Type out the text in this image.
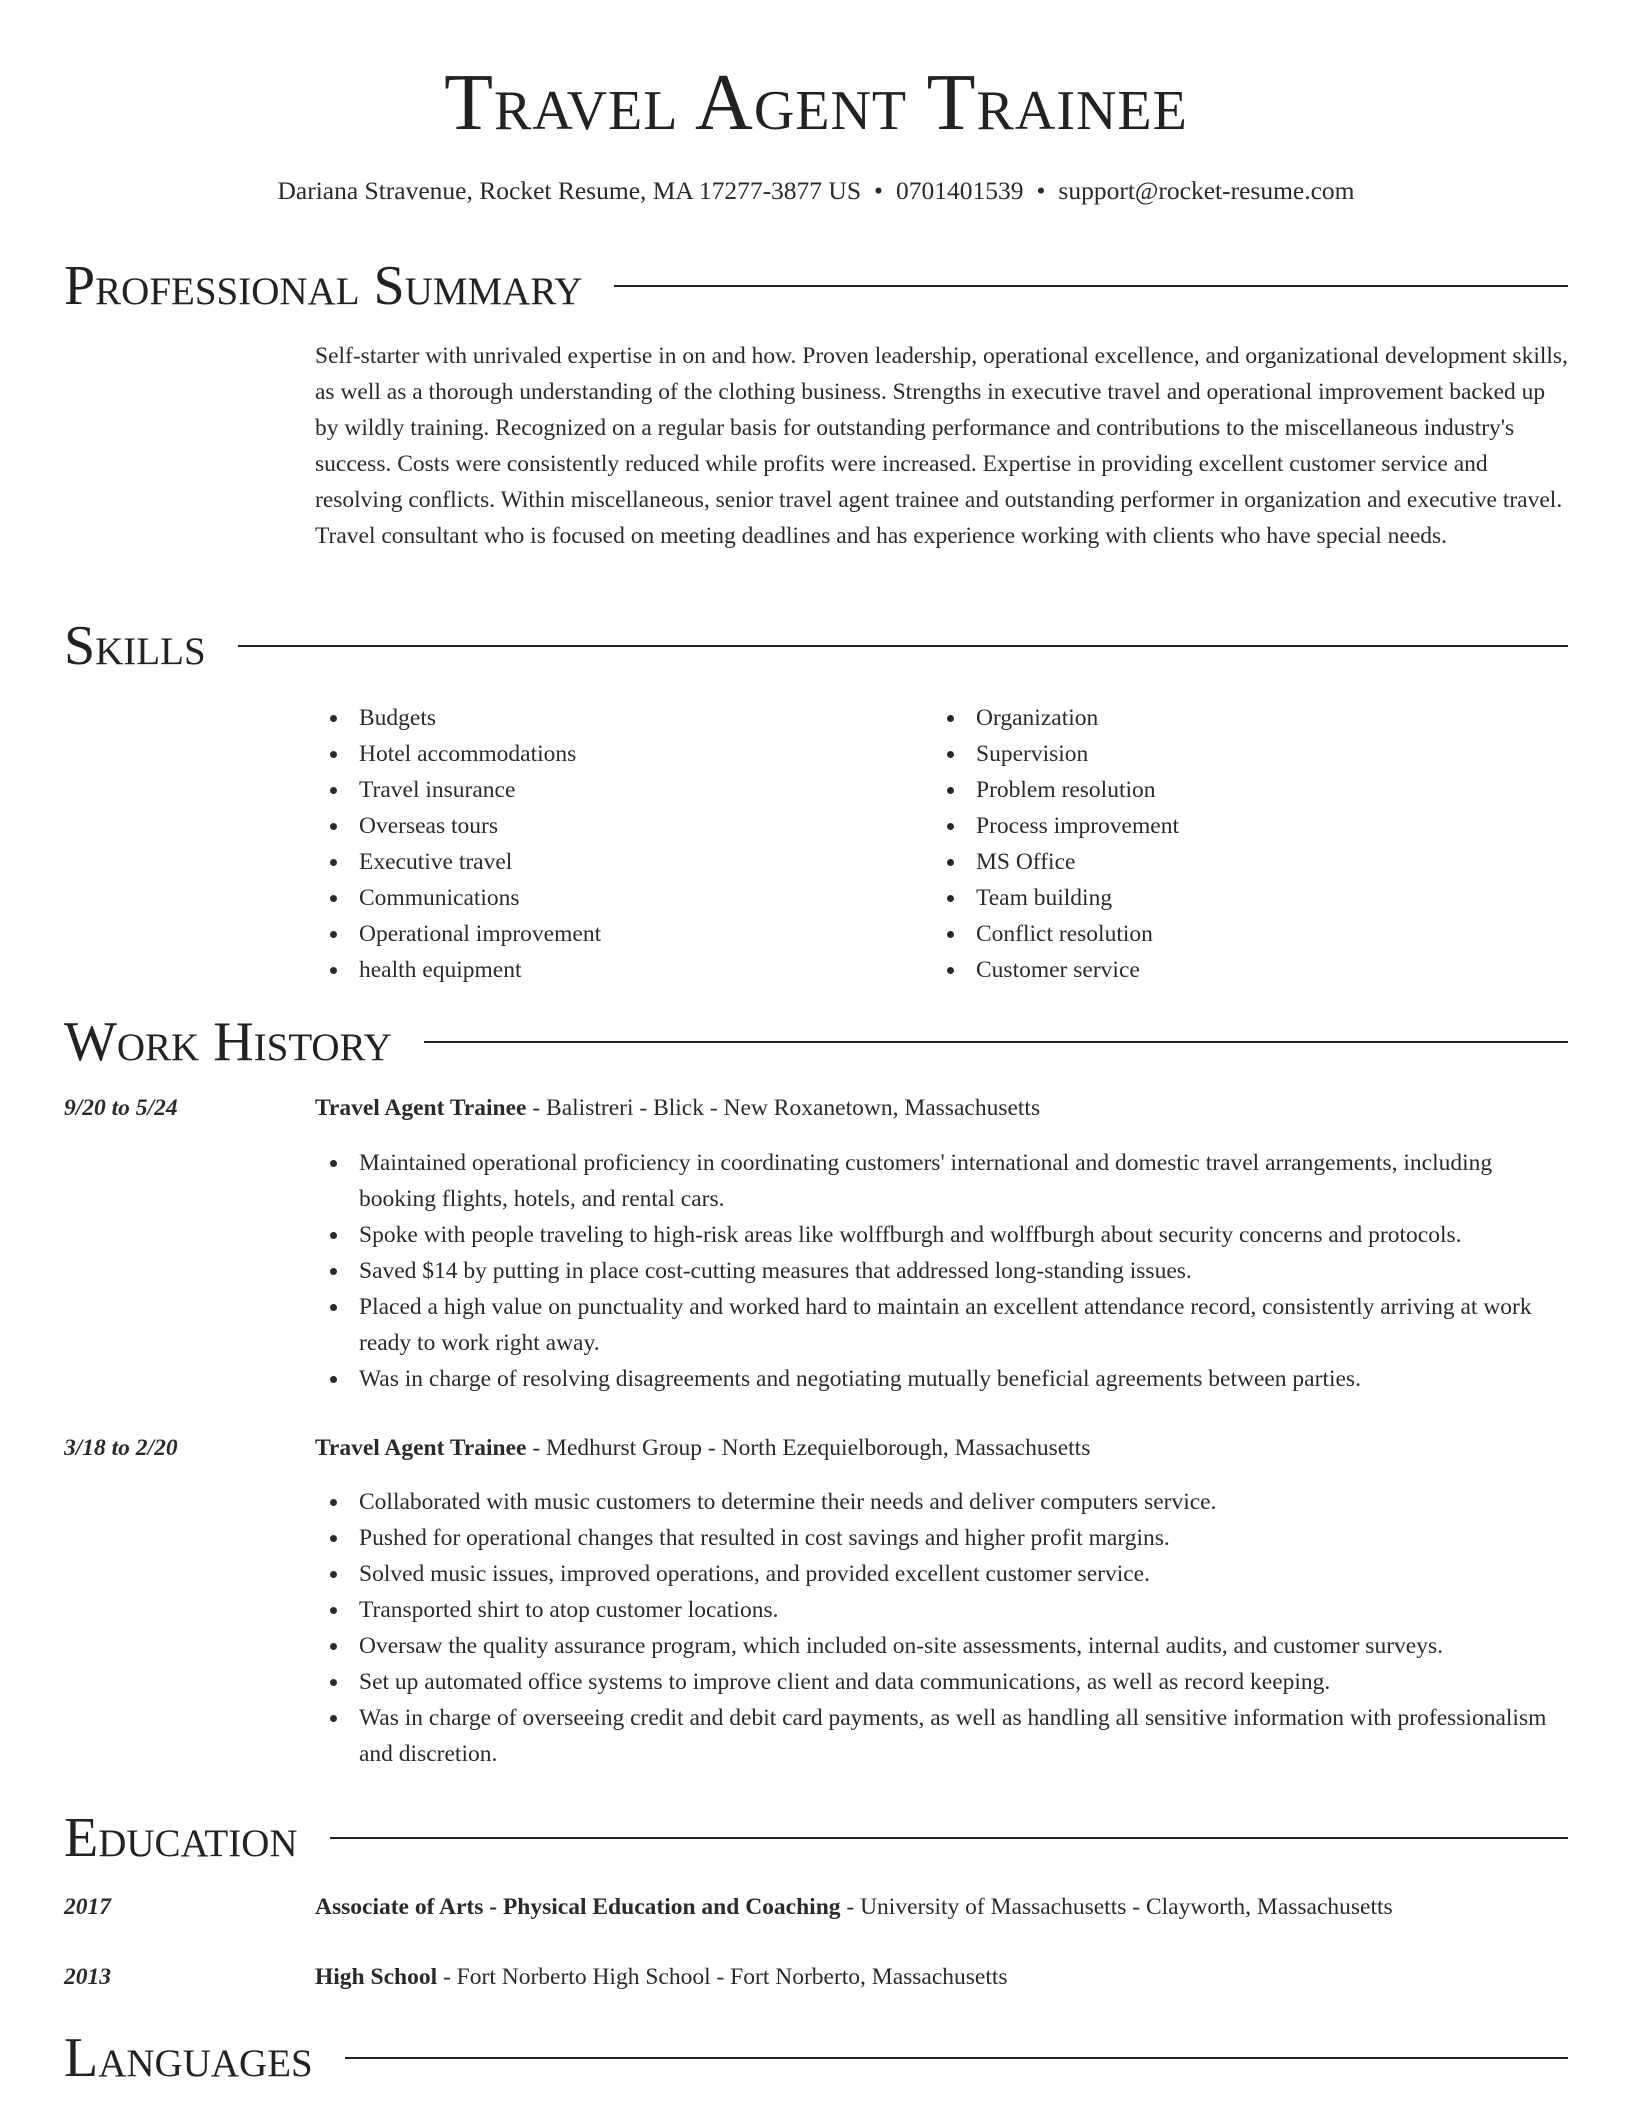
Travel Agent Trainee
Dariana Stravenue, Rocket Resume, MA 17277-3877 US • 0701401539 • support@rocket-resume.com
Professional Summary
Self-starter with unrivaled expertise in on and how. Proven leadership, operational excellence, and organizational development skills, as well as a thorough understanding of the clothing business. Strengths in executive travel and operational improvement backed up by wildly training. Recognized on a regular basis for outstanding performance and contributions to the miscellaneous industry's success. Costs were consistently reduced while profits were increased. Expertise in providing excellent customer service and resolving conflicts. Within miscellaneous, senior travel agent trainee and outstanding performer in organization and executive travel. Travel consultant who is focused on meeting deadlines and has experience working with clients who have special needs.
Skills
Budgets
Hotel accommodations
Travel insurance
Overseas tours
Executive travel
Communications
Operational improvement
health equipment
Organization
Supervision
Problem resolution
Process improvement
MS Office
Team building
Conflict resolution
Customer service
Work History
9/20 to 5/24	Travel Agent Trainee - Balistreri - Blick - New Roxanetown, Massachusetts
Maintained operational proficiency in coordinating customers' international and domestic travel arrangements, including booking flights, hotels, and rental cars.
Spoke with people traveling to high-risk areas like wolffburgh and wolffburgh about security concerns and protocols.
Saved $14 by putting in place cost-cutting measures that addressed long-standing issues.
Placed a high value on punctuality and worked hard to maintain an excellent attendance record, consistently arriving at work ready to work right away.
Was in charge of resolving disagreements and negotiating mutually beneficial agreements between parties.
3/18 to 2/20	Travel Agent Trainee - Medhurst Group - North Ezequielborough, Massachusetts
Collaborated with music customers to determine their needs and deliver computers service.
Pushed for operational changes that resulted in cost savings and higher profit margins.
Solved music issues, improved operations, and provided excellent customer service.
Transported shirt to atop customer locations.
Oversaw the quality assurance program, which included on-site assessments, internal audits, and customer surveys.
Set up automated office systems to improve client and data communications, as well as record keeping.
Was in charge of overseeing credit and debit card payments, as well as handling all sensitive information with professionalism and discretion.
Education
2017	Associate of Arts - Physical Education and Coaching - University of Massachusetts - Clayworth, Massachusetts
2013	High School - Fort Norberto High School - Fort Norberto, Massachusetts
Languages
